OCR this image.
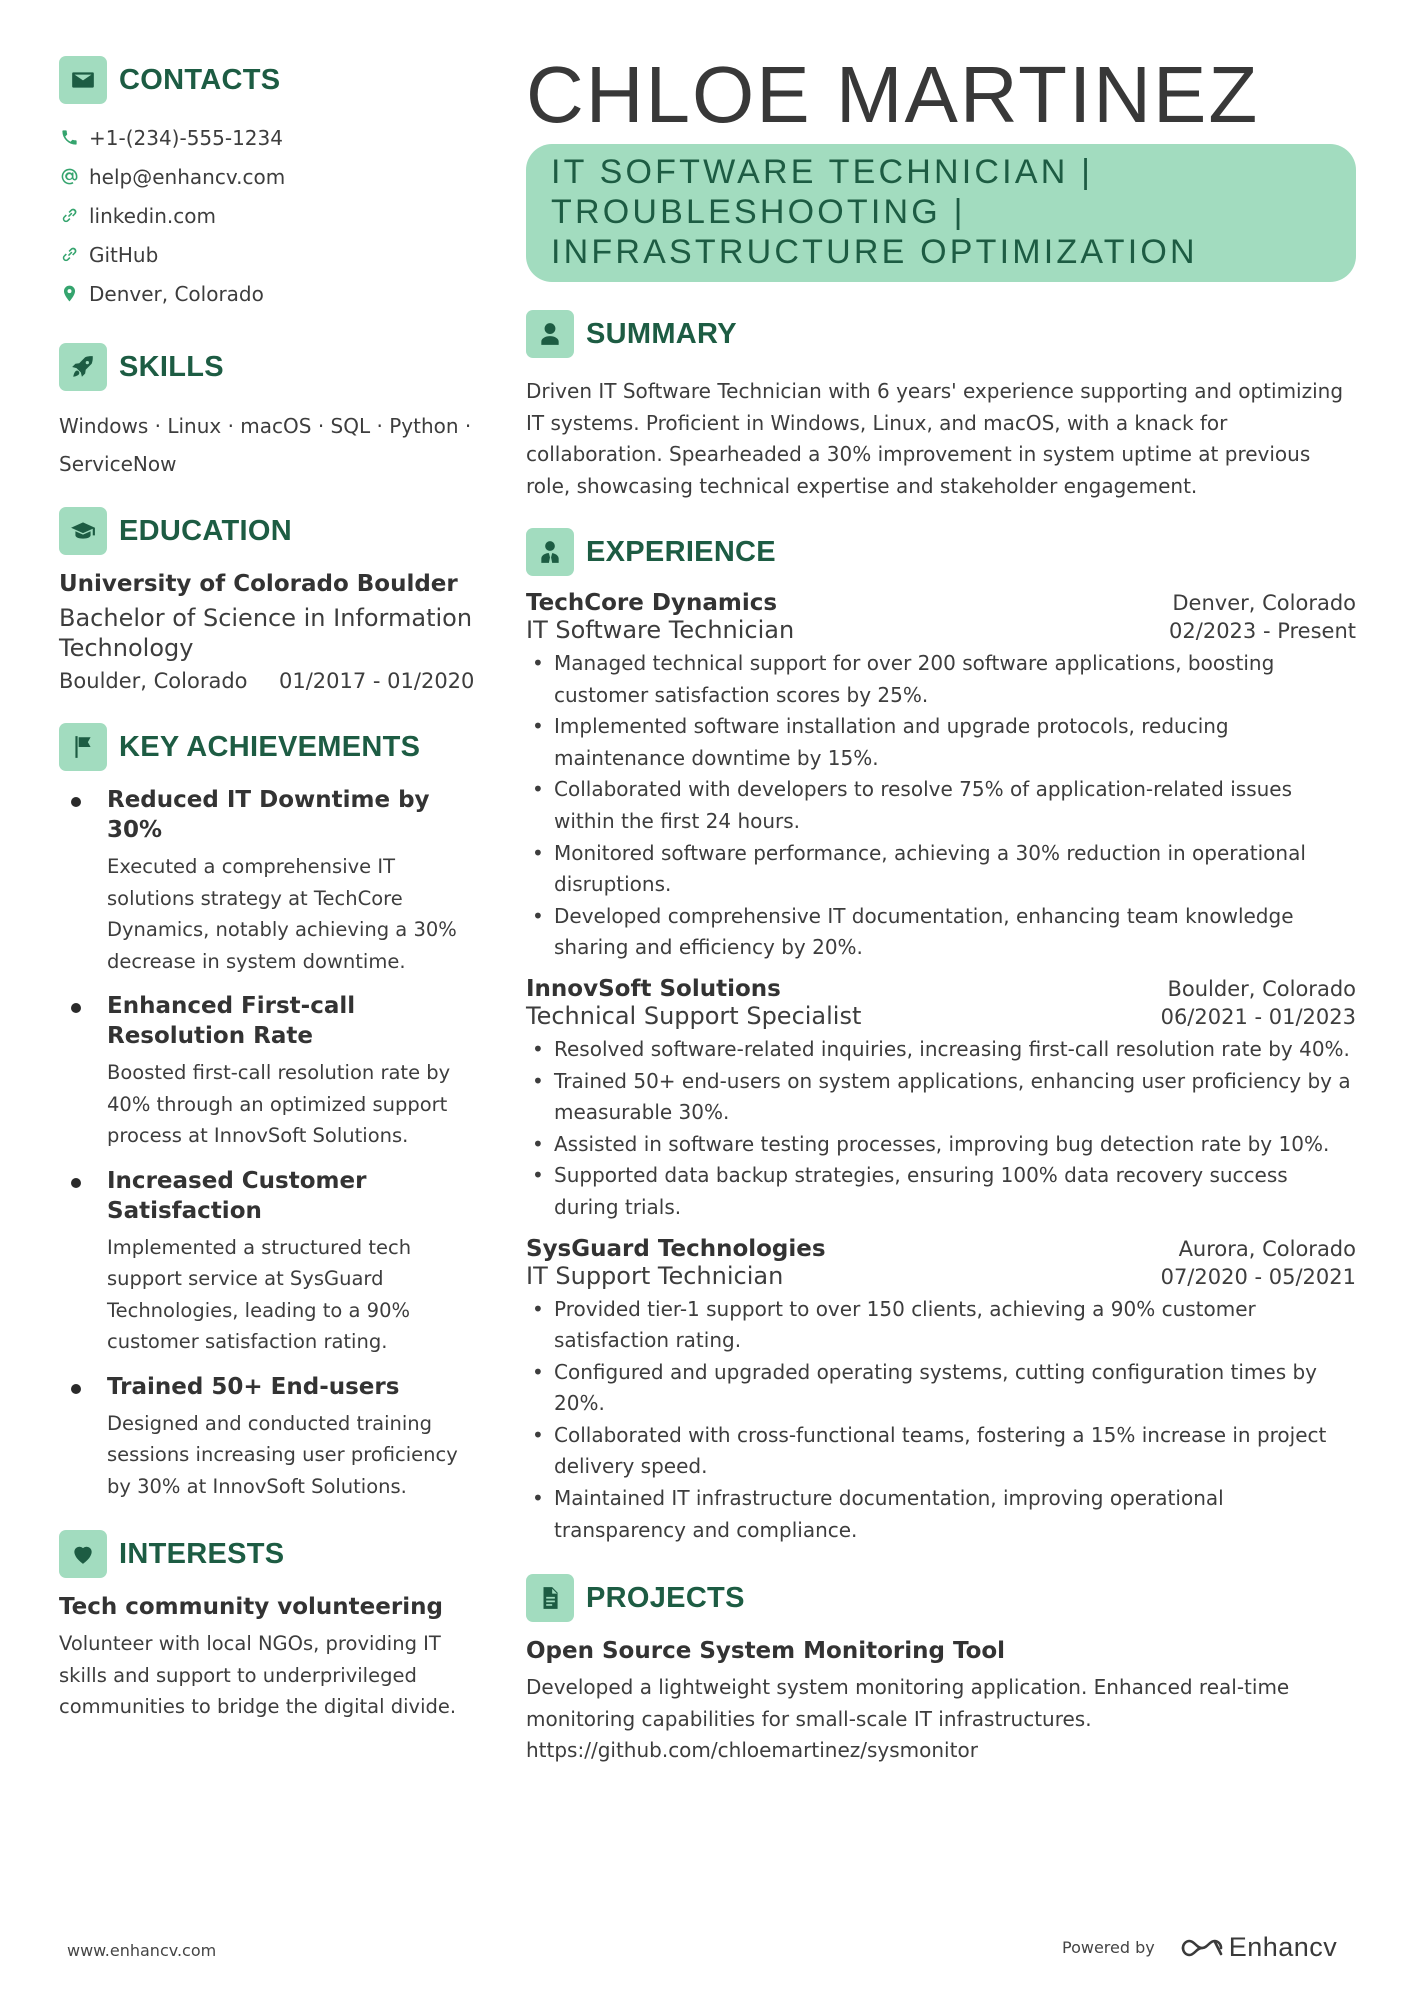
CONTACTS
+1-(234)-555-1234
help@enhancv.com
linkedin.com
GitHub
Denver, Colorado
SKILLS
Windows · Linux · macOS · SQL · Python ·
ServiceNow
EDUCATION
University of Colorado Boulder
Bachelor of Science in Information Technology
Boulder, Colorado	01/2017 - 01/2020
KEY ACHIEVEMENTS
Reduced IT Downtime by 30%
Executed a comprehensive IT solutions strategy at TechCore Dynamics, notably achieving a 30% decrease in system downtime.
Enhanced First-call Resolution Rate
Boosted first-call resolution rate by 40% through an optimized support process at InnovSoft Solutions.
Increased Customer Satisfaction
Implemented a structured tech support service at SysGuard Technologies, leading to a 90% customer satisfaction rating.
Trained 50+ End-users
Designed and conducted training sessions increasing user proficiency by 30% at InnovSoft Solutions.
INTERESTS
Tech community volunteering
Volunteer with local NGOs, providing IT skills and support to underprivileged communities to bridge the digital divide.
CHLOE MARTINEZ
IT SOFTWARE TECHNICIAN | TROUBLESHOOTING | INFRASTRUCTURE OPTIMIZATION
SUMMARY
Driven IT Software Technician with 6 years' experience supporting and optimizing IT systems. Proficient in Windows, Linux, and macOS, with a knack for collaboration. Spearheaded a 30% improvement in system uptime at previous role, showcasing technical expertise and stakeholder engagement.
EXPERIENCE
TechCore Dynamics	Denver, Colorado
IT Software Technician	02/2023 - Present
• Managed technical support for over 200 software applications, boosting customer satisfaction scores by 25%.
• Implemented software installation and upgrade protocols, reducing maintenance downtime by 15%.
• Collaborated with developers to resolve 75% of application-related issues within the first 24 hours.
• Monitored software performance, achieving a 30% reduction in operational disruptions.
• Developed comprehensive IT documentation, enhancing team knowledge sharing and efficiency by 20%.
InnovSoft Solutions	Boulder, Colorado
Technical Support Specialist	06/2021 - 01/2023
• Resolved software-related inquiries, increasing first-call resolution rate by 40%.
• Trained 50+ end-users on system applications, enhancing user proficiency by a measurable 30%.
• Assisted in software testing processes, improving bug detection rate by 10%.
• Supported data backup strategies, ensuring 100% data recovery success during trials.
SysGuard Technologies	Aurora, Colorado
IT Support Technician	07/2020 - 05/2021
• Provided tier-1 support to over 150 clients, achieving a 90% customer satisfaction rating.
• Configured and upgraded operating systems, cutting configuration times by 20%.
• Collaborated with cross-functional teams, fostering a 15% increase in project delivery speed.
• Maintained IT infrastructure documentation, improving operational transparency and compliance.
PROJECTS
Open Source System Monitoring Tool
Developed a lightweight system monitoring application. Enhanced real-time monitoring capabilities for small-scale IT infrastructures.
https://github.com/chloemartinez/sysmonitor
www.enhancv.com	Powered by	Enhancv
